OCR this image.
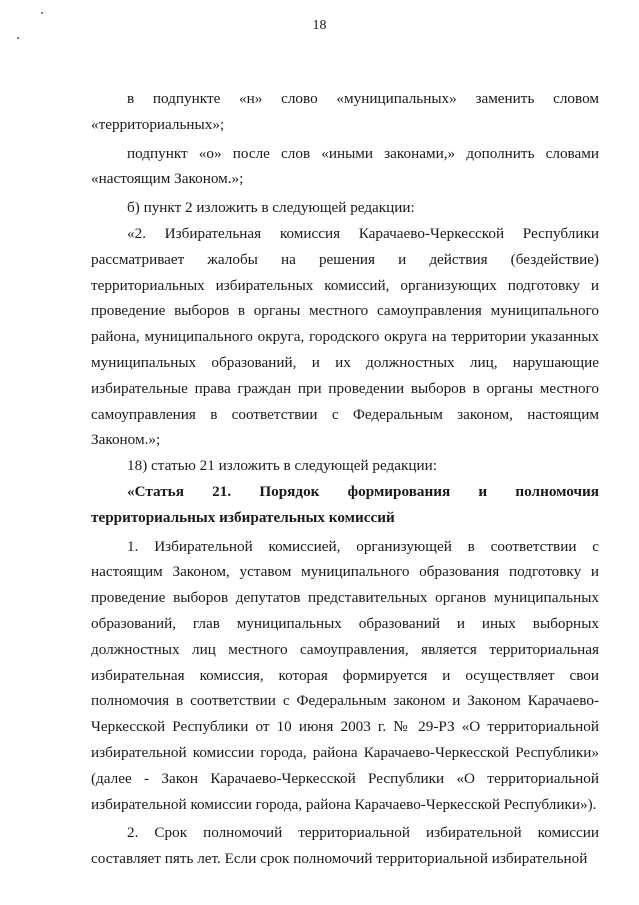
18

в подпункте «н» слово «муниципальных» заменить словом «территориальных»;

подпункт «о» после слов «иными законами,» дополнить словами «настоящим Законом.»;

б) пункт 2 изложить в следующей редакции:

«2. Избирательная комиссия Карачаево-Черкесской Республики рассматривает жалобы на решения и действия (бездействие) территориальных избирательных комиссий, организующих подготовку и проведение выборов в органы местного самоуправления муниципального района, муниципального округа, городского округа на территории указанных муниципальных образований, и их должностных лиц, нарушающие избирательные права граждан при проведении выборов в органы местного самоуправления в соответствии с Федеральным законом, настоящим Законом.»;

18) статью 21 изложить в следующей редакции:

«Статья 21. Порядок формирования и полномочия территориальных избирательных комиссий

1. Избирательной комиссией, организующей в соответствии с настоящим Законом, уставом муниципального образования подготовку и проведение выборов депутатов представительных органов муниципальных образований, глав муниципальных образований и иных выборных должностных лиц местного самоуправления, является территориальная избирательная комиссия, которая формируется и осуществляет свои полномочия в соответствии с Федеральным законом и Законом Карачаево-Черкесской Республики от 10 июня 2003 г. № 29-РЗ «О территориальной избирательной комиссии города, района Карачаево-Черкесской Республики» (далее - Закон Карачаево-Черкесской Республики «О территориальной избирательной комиссии города, района Карачаево-Черкесской Республики»).

2. Срок полномочий территориальной избирательной комиссии составляет пять лет. Если срок полномочий территориальной избирательной
